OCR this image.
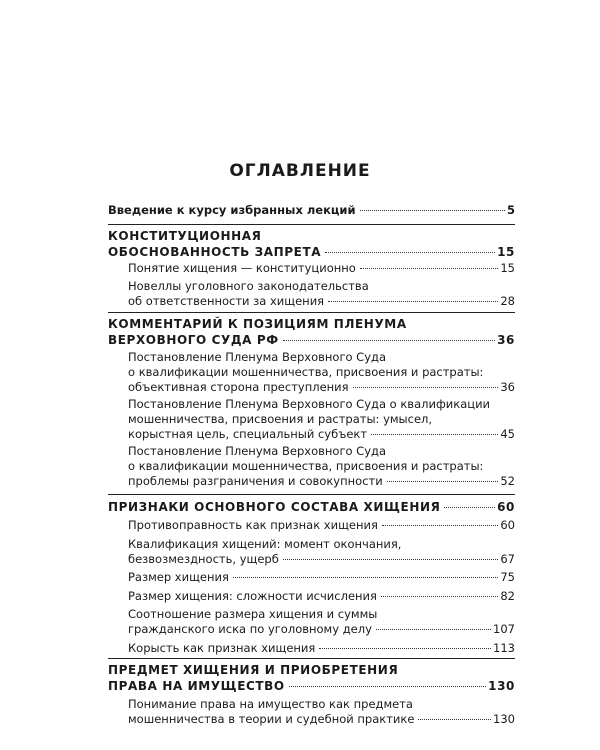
ОГЛАВЛЕНИЕ
Введение к курсу избранных лекций	5
КОНСТИТУЦИОННАЯ
ОБОСНОВАННОСТЬ ЗАПРЕТА	15
Понятие хищения — конституционно	15
Новеллы уголовного законодательства
об ответственности за хищения	28
КОММЕНТАРИЙ К ПОЗИЦИЯМ ПЛЕНУМА
ВЕРХОВНОГО СУДА РФ	36
Постановление Пленума Верховного Суда
о квалификации мошенничества, присвоения и растраты:
объективная сторона преступления	36
Постановление Пленума Верховного Суда о квалификации
мошенничества, присвоения и растраты: умысел,
корыстная цель, специальный субъект	45
Постановление Пленума Верховного Суда
о квалификации мошенничества, присвоения и растраты:
проблемы разграничения и совокупности	52
ПРИЗНАКИ ОСНОВНОГО СОСТАВА ХИЩЕНИЯ	60
Противоправность как признак хищения	60
Квалификация хищений: момент окончания,
безвозмездность, ущерб	67
Размер хищения	75
Размер хищения: сложности исчисления	82
Соотношение размера хищения и суммы
гражданского иска по уголовному делу	107
Корысть как признак хищения	113
ПРЕДМЕТ ХИЩЕНИЯ И ПРИОБРЕТЕНИЯ
ПРАВА НА ИМУЩЕСТВО	130
Понимание права на имущество как предмета
мошенничества в теории и судебной практике	130
